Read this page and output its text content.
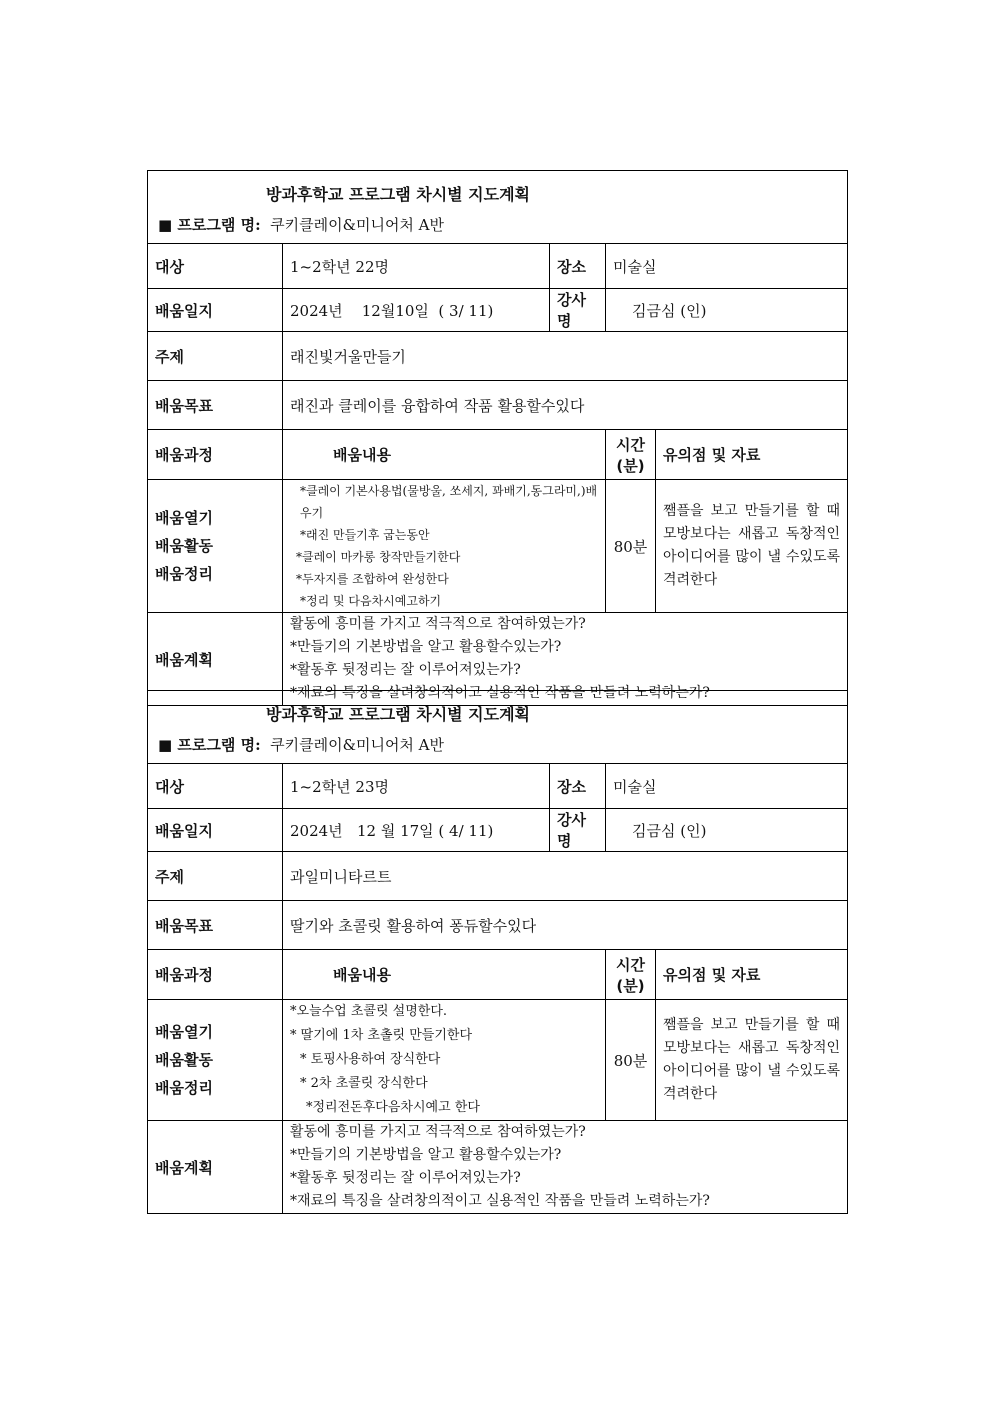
방과후학교 프로그램 차시별 지도계획
■ 프로그램 명: 쿠키클레이&미니어처 A반				

대상	1~2학년 22명	장소	미술실	
배움일지	2024년    12월10일  ( 3/ 11)	강사명	김금심 (인)	
주제	래진빛거울만들기			
배움목표	래진과 클레이를 융합하여 작품 활용할수있다			
배움과정	배움내용		시간(분)	유의점 및 자료

배움열기
배움활동
배움정리	*클레이 기본사용법(물방울, 쏘세지, 꽈배기,동그라미,)배우기
*래진 만들기후 굽는동안
*클레이 마카롱 창작만들기한다
*두자지를 조합하여 완성한다
*정리 및 다음차시예고하기		80분	쨈플을 보고 만들기를 할 때 모방보다는 새롭고 독창적인 아이디어를 많이 낼 수있도록 격려한다
배움계획	활동에 흥미를 가지고 적극적으로 참여하였는가?
*만들기의 기본방법을 알고 활용할수있는가?
*활동후 뒷정리는 잘 이루어져있는가?
*재료의 특징을 살려창의적이고 실용적인 작품을 만들려 노력하는가?			
방과후학교 프로그램 차시별 지도계획
■ 프로그램 명: 쿠키클레이&미니어처 A반				

대상	1~2학년 23명	장소	미술실	
배움일지	2024년   12 월 17일 ( 4/ 11)	강사명	김금심 (인)	
주제	과일미니타르트			
배움목표	딸기와 초콜릿 활용하여 퐁듀할수있다			
배움과정	배움내용		시간(분)	유의점 및 자료

배움열기
배움활동
배움정리	*오늘수업 초콜릿 설명한다.
* 딸기에 1차 초촐릿 만들기한다
* 토핑사용하여 장식한다
* 2차 초콜릿 장식한다
*정리전돈후다음차시예고 한다		80분	쨈플을 보고 만들기를 할 때 모방보다는 새롭고 독창적인 아이디어를 많이 낼 수있도록 격려한다
배움계획	활동에 흥미를 가지고 적극적으로 참여하였는가?
*만들기의 기본방법을 알고 활용할수있는가?
*활동후 뒷정리는 잘 이루어져있는가?
*재료의 특징을 살려창의적이고 실용적인 작품을 만들려 노력하는가?			
